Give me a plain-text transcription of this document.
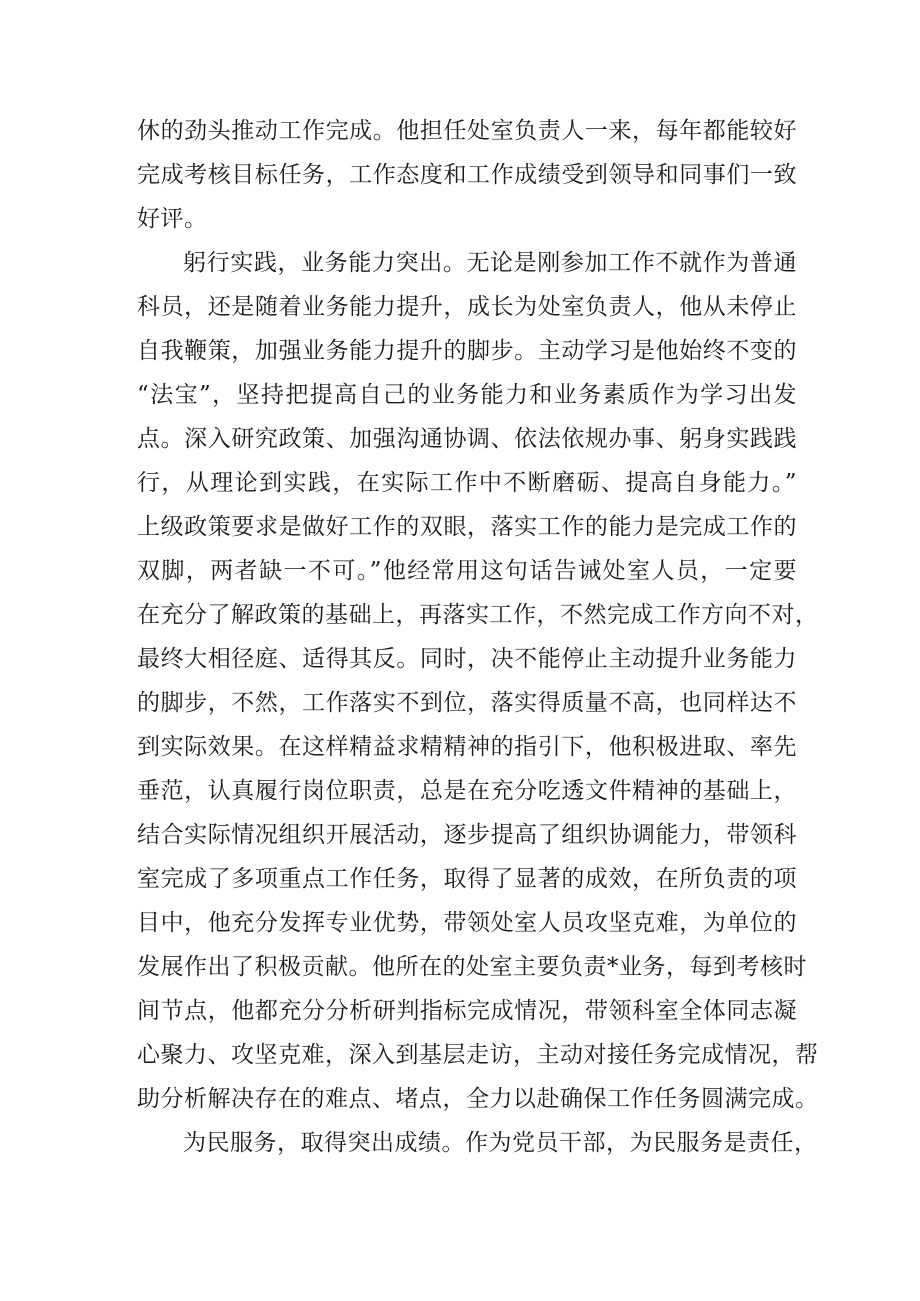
休的劲头推动工作完成。他担任处室负责人一来，每年都能较好
完成考核目标任务，工作态度和工作成绩受到领导和同事们一致
好评。
躬行实践，业务能力突出。无论是刚参加工作不就作为普通
科员，还是随着业务能力提升，成长为处室负责人，他从未停止
自我鞭策，加强业务能力提升的脚步。主动学习是他始终不变的
“法宝”，坚持把提高自己的业务能力和业务素质作为学习出发
点。深入研究政策、加强沟通协调、依法依规办事、躬身实践践
行，从理论到实践，在实际工作中不断磨砺、提高自身能力。”
上级政策要求是做好工作的双眼，落实工作的能力是完成工作的
双脚，两者缺一不可。”他经常用这句话告诫处室人员，一定要
在充分了解政策的基础上，再落实工作，不然完成工作方向不对，
最终大相径庭、适得其反。同时，决不能停止主动提升业务能力
的脚步，不然，工作落实不到位，落实得质量不高，也同样达不
到实际效果。在这样精益求精精神的指引下，他积极进取、率先
垂范，认真履行岗位职责，总是在充分吃透文件精神的基础上，
结合实际情况组织开展活动，逐步提高了组织协调能力，带领科
室完成了多项重点工作任务，取得了显著的成效，在所负责的项
目中，他充分发挥专业优势，带领处室人员攻坚克难，为单位的
发展作出了积极贡献。他所在的处室主要负责*业务，每到考核时
间节点，他都充分分析研判指标完成情况，带领科室全体同志凝
心聚力、攻坚克难，深入到基层走访，主动对接任务完成情况，帮
助分析解决存在的难点、堵点，全力以赴确保工作任务圆满完成。
为民服务，取得突出成绩。作为党员干部，为民服务是责任，
